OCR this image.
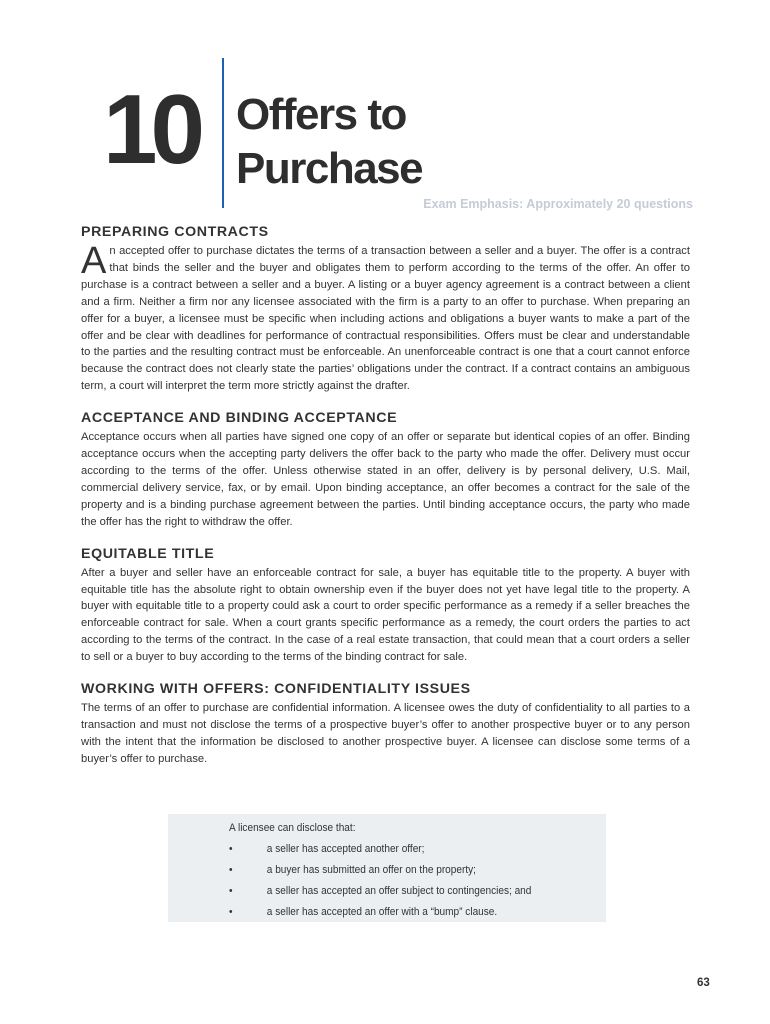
10 Offers to
Purchase
Exam Emphasis: Approximately 20 questions
PREPARING CONTRACTS

An accepted offer to purchase dictates the terms of a transaction between a seller and a buyer. The offer is a contract that binds the seller and the buyer and obligates them to perform according to the terms of the offer. An offer to purchase is a contract between a seller and a buyer. A listing or a buyer agency agreement is a contract between a client and a firm. Neither a firm nor any licensee associated with the firm is a party to an offer to purchase. When preparing an offer for a buyer, a licensee must be specific when including actions and obligations a buyer wants to make a part of the offer and be clear with deadlines for performance of contractual responsibilities. Offers must be clear and understandable to the parties and the resulting contract must be enforceable. An unenforceable contract is one that a court cannot enforce because the contract does not clearly state the parties’ obligations under the contract. If a contract contains an ambiguous term, a court will interpret the term more strictly against the drafter.

ACCEPTANCE AND BINDING ACCEPTANCE

Acceptance occurs when all parties have signed one copy of an offer or separate but identical copies of an offer. Binding acceptance occurs when the accepting party delivers the offer back to the party who made the offer. Delivery must occur according to the terms of the offer. Unless otherwise stated in an offer, delivery is by personal delivery, U.S. Mail, commercial delivery service, fax, or by email. Upon binding acceptance, an offer becomes a contract for the sale of the property and is a binding purchase agreement between the parties. Until binding acceptance occurs, the party who made the offer has the right to withdraw the offer.

EQUITABLE TITLE

After a buyer and seller have an enforceable contract for sale, a buyer has equitable title to the property. A buyer with equitable title has the absolute right to obtain ownership even if the buyer does not yet have legal title to the property. A buyer with equitable title to a property could ask a court to order specific performance as a remedy if a seller breaches the enforceable contract for sale. When a court grants specific performance as a remedy, the court orders the parties to act according to the terms of the contract. In the case of a real estate transaction, that could mean that a court orders a seller to sell or a buyer to buy according to the terms of the binding contract for sale.

WORKING WITH OFFERS: CONFIDENTIALITY ISSUES

The terms of an offer to purchase are confidential information. A licensee owes the duty of confidentiality to all parties to a transaction and must not disclose the terms of a prospective buyer’s offer to another prospective buyer or to any person with the intent that the information be disclosed to another prospective buyer. A licensee can disclose some terms of a buyer’s offer to purchase.

A licensee can disclose that:
•	a seller has accepted another offer;
•	a buyer has submitted an offer on the property;
•	a seller has accepted an offer subject to contingencies; and
•	a seller has accepted an offer with a “bump” clause.
63
